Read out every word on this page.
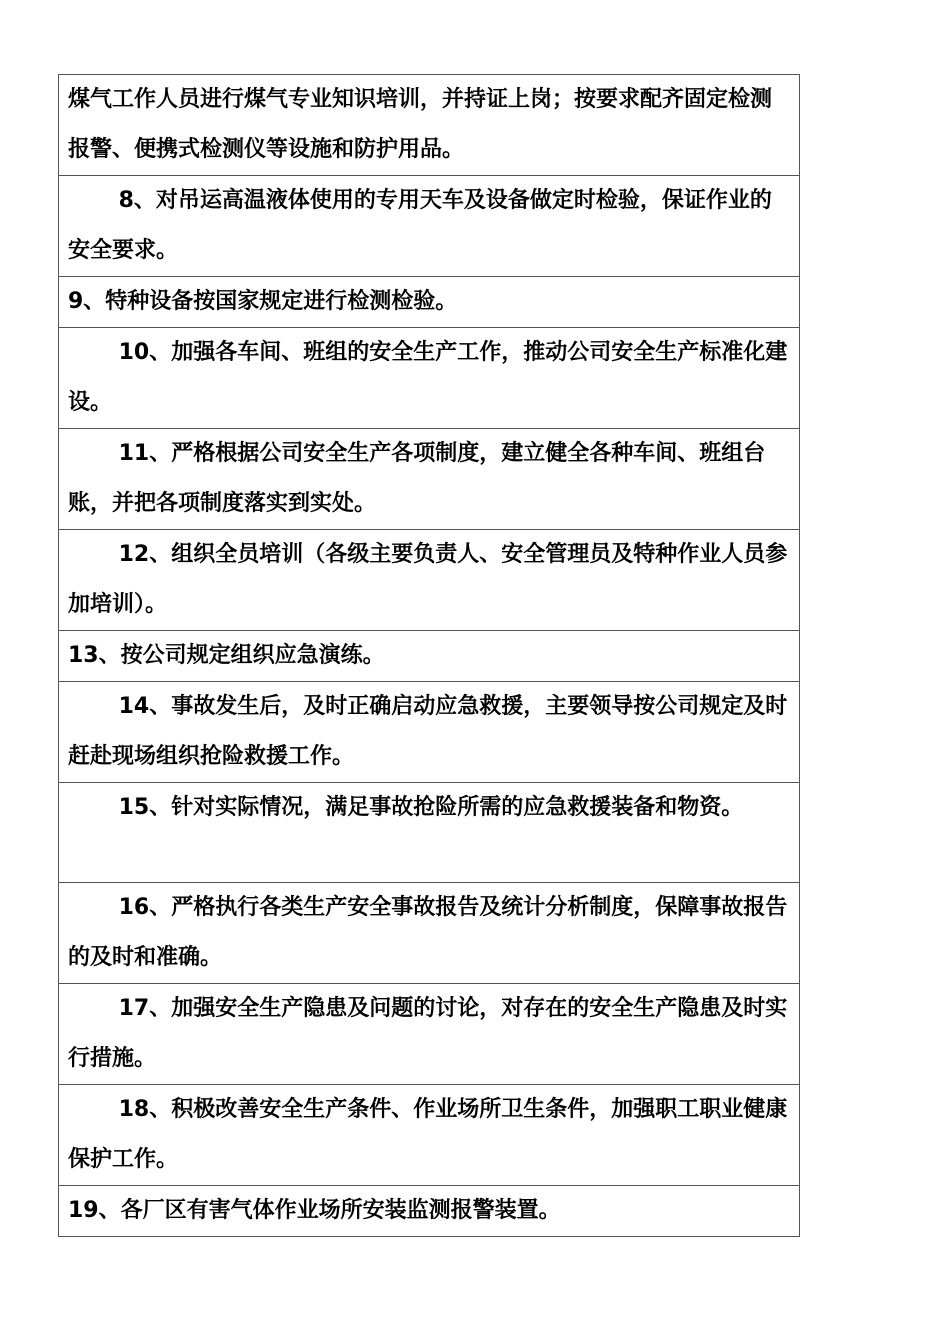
煤气工作人员进行煤气专业知识培训，并持证上岗；按要求配齐固定检测报警、便携式检测仪等设施和防护用品。
8、对吊运高温液体使用的专用天车及设备做定时检验，保证作业的安全要求。
9、特种设备按国家规定进行检测检验。
10、加强各车间、班组的安全生产工作，推动公司安全生产标准化建设。
11、严格根据公司安全生产各项制度，建立健全各种车间、班组台账，并把各项制度落实到实处。
12、组织全员培训（各级主要负责人、安全管理员及特种作业人员参加培训）。
13、按公司规定组织应急演练。
14、事故发生后，及时正确启动应急救援，主要领导按公司规定及时赶赴现场组织抢险救援工作。
15、针对实际情况，满足事故抢险所需的应急救援装备和物资。
16、严格执行各类生产安全事故报告及统计分析制度，保障事故报告的及时和准确。
17、加强安全生产隐患及问题的讨论，对存在的安全生产隐患及时实行措施。
18、积极改善安全生产条件、作业场所卫生条件，加强职工职业健康保护工作。
19、各厂区有害气体作业场所安装监测报警装置。
